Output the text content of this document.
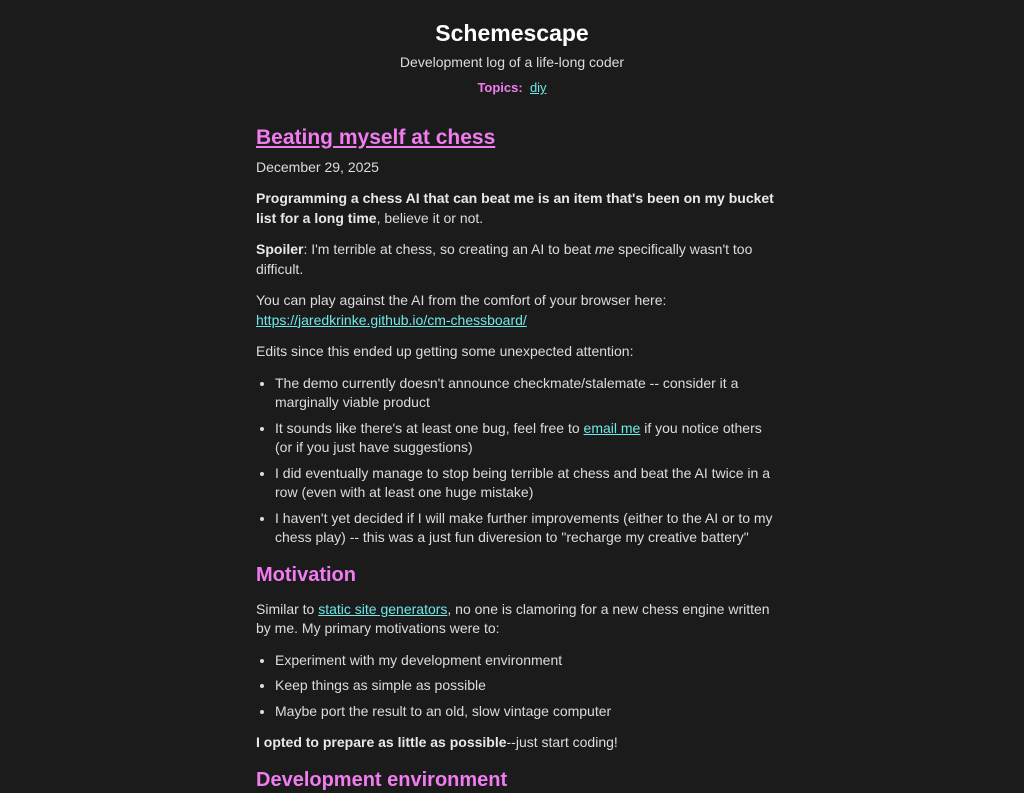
Schemescape
Development log of a life-long coder
Topics: diy
Beating myself at chess
December 29, 2025

Programming a chess AI that can beat me is an item that's been on my bucket list for a long time, believe it or not.

Spoiler: I'm terrible at chess, so creating an AI to beat me specifically wasn't too difficult.

You can play against the AI from the comfort of your browser here:
https://jaredkrinke.github.io/cm-chessboard/

Edits since this ended up getting some unexpected attention:

• The demo currently doesn't announce checkmate/stalemate -- consider it a marginally viable product
• It sounds like there's at least one bug, feel free to email me if you notice others (or if you just have suggestions)
• I did eventually manage to stop being terrible at chess and beat the AI twice in a row (even with at least one huge mistake)
• I haven't yet decided if I will make further improvements (either to the AI or to my chess play) -- this was a just fun diveresion to "recharge my creative battery"
Motivation

Similar to static site generators, no one is clamoring for a new chess engine written by me. My primary motivations were to:

• Experiment with my development environment
• Keep things as simple as possible
• Maybe port the result to an old, slow vintage computer

I opted to prepare as little as possible--just start coding!

Development environment
